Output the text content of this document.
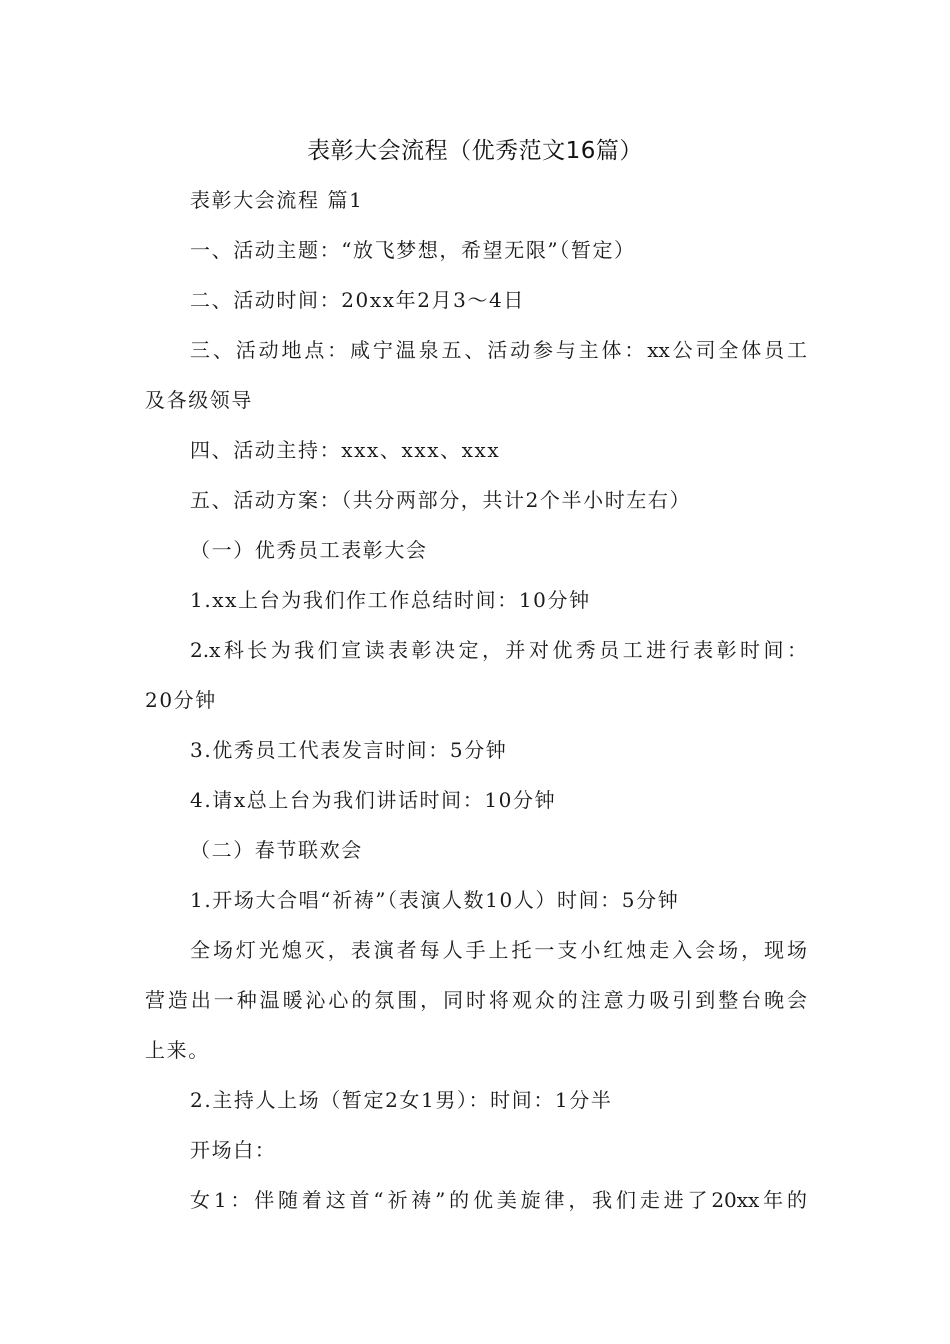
表彰大会流程（优秀范文16篇）
表彰大会流程 篇1
一、活动主题：“放飞梦想，希望无限”（暂定）
二、活动时间：20xx年2月3～4日
三、活动地点：咸宁温泉五、活动参与主体：xx公司全体员工
及各级领导
四、活动主持：xxx、xxx、xxx
五、活动方案：（共分两部分，共计2个半小时左右）
（一）优秀员工表彰大会
1.xx上台为我们作工作总结时间：10分钟
2.x科长为我们宣读表彰决定，并对优秀员工进行表彰时间：
20分钟
3.优秀员工代表发言时间：5分钟
4.请x总上台为我们讲话时间：10分钟
（二）春节联欢会
1.开场大合唱“祈祷”（表演人数10人）时间：5分钟
全场灯光熄灭，表演者每人手上托一支小红烛走入会场，现场
营造出一种温暖沁心的氛围，同时将观众的注意力吸引到整台晚会
上来。
2.主持人上场（暂定2女1男）：时间：1分半
开场白：
女1：伴随着这首“祈祷”的优美旋律，我们走进了20xx年的
